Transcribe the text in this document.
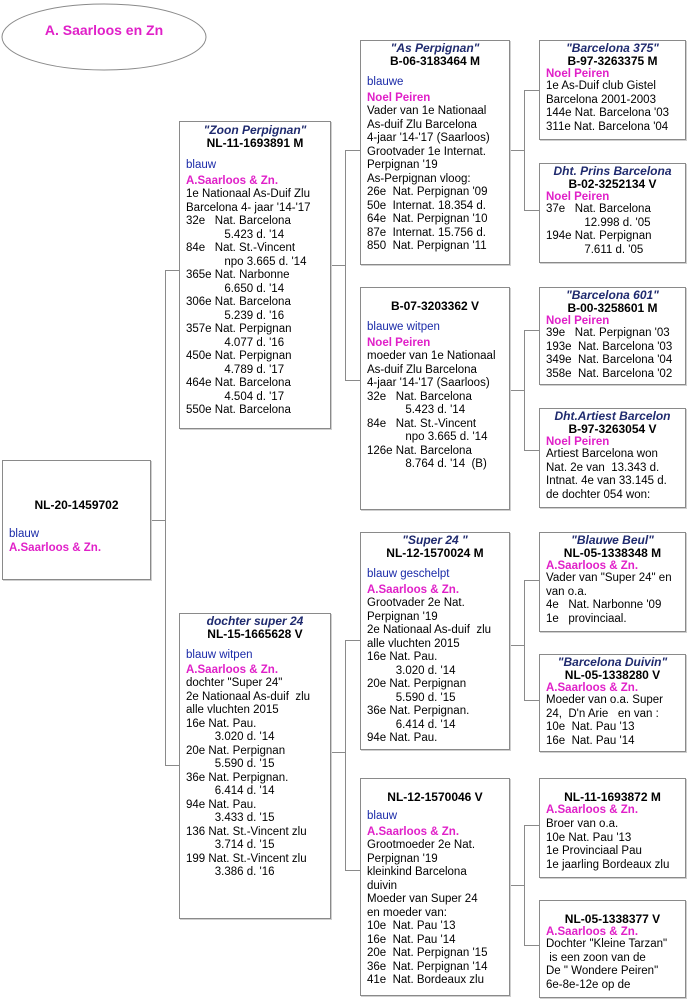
A. Saarloos en Zn
NL-20-1459702
blauw
A.Saarloos & Zn.
"Zoon Perpignan"
NL-11-1693891 M
blauw
A.Saarloos & Zn.
1e Nationaal As-Duif Zlu
Barcelona 4- jaar '14-'17
32e   Nat. Barcelona
5.423 d. '14
84e   Nat. St.-Vincent
npo 3.665 d. '14
365e Nat. Narbonne
6.650 d. '14
306e Nat. Barcelona
5.239 d. '16
357e Nat. Perpignan
4.077 d. '16
450e Nat. Perpignan
4.789 d. '17
464e Nat. Barcelona
4.504 d. '17
550e Nat. Barcelona
dochter super 24
NL-15-1665628 V
blauw witpen
A.Saarloos & Zn.
dochter "Super 24"
2e Nationaal As-duif  zlu
alle vluchten 2015
16e Nat. Pau.
3.020 d. '14
20e Nat. Perpignan
5.590 d. '15
36e Nat. Perpignan.
6.414 d. '14
94e Nat. Pau.
3.433 d. '15
136 Nat. St.-Vincent zlu
3.714 d. '15
199 Nat. St.-Vincent zlu
3.386 d. '16
"As Perpignan"
B-06-3183464 M
blauwe
Noel Peiren
Vader van 1e Nationaal
As-duif Zlu Barcelona
4-jaar '14-'17 (Saarloos)
Grootvader 1e Internat.
Perpignan '19
As-Perpignan vloog:
26e  Nat. Perpignan '09
50e  Internat. 18.354 d.
64e  Nat. Perpignan '10
87e  Internat. 15.756 d.
850  Nat. Perpignan '11
B-07-3203362 V
blauwe witpen
Noel Peiren
moeder van 1e Nationaal
As-duif Zlu Barcelona
4-jaar '14-'17 (Saarloos)
32e   Nat. Barcelona
5.423 d. '14
84e   Nat. St.-Vincent
npo 3.665 d. '14
126e Nat. Barcelona
8.764 d. '14  (B)
"Super 24 "
NL-12-1570024 M
blauw geschelpt
A.Saarloos & Zn.
Grootvader 2e Nat.
Perpignan '19
2e Nationaal As-duif  zlu
alle vluchten 2015
16e Nat. Pau.
3.020 d. '14
20e Nat. Perpignan
5.590 d. '15
36e Nat. Perpignan.
6.414 d. '14
94e Nat. Pau.
NL-12-1570046 V
blauw
A.Saarloos & Zn.
Grootmoeder 2e Nat.
Perpignan '19
kleinkind Barcelona
duivin
Moeder van Super 24
en moeder van:
10e  Nat. Pau '13
16e  Nat. Pau '14
20e  Nat. Perpignan '15
36e  Nat. Perpignan '14
41e  Nat. Bordeaux zlu
"Barcelona 375"
B-97-3263375 M
Noel Peiren
1e As-Duif club Gistel
Barcelona 2001-2003
144e Nat. Barcelona '03
311e Nat. Barcelona '04
Dht. Prins Barcelona
B-02-3252134 V
Noel Peiren
37e   Nat. Barcelona
12.998 d. '05
194e Nat. Perpignan
7.611 d. '05
"Barcelona 601"
B-00-3258601 M
Noel Peiren
39e   Nat. Perpignan '03
193e  Nat. Barcelona '03
349e  Nat. Barcelona '04
358e  Nat. Barcelona '02
Dht.Artiest Barcelon
B-97-3263054 V
Noel Peiren
Artiest Barcelona won
Nat. 2e van  13.343 d.
Intnat. 4e van 33.145 d.
de dochter 054 won:
"Blauwe Beul"
NL-05-1338348 M
A.Saarloos & Zn.
Vader van "Super 24" en
van o.a.
4e   Nat. Narbonne '09
1e   provinciaal.
"Barcelona Duivin"
NL-05-1338280 V
A.Saarloos & Zn.
Moeder van o.a. Super
24,  D'n Arie   en van :
10e  Nat. Pau '13
16e  Nat. Pau '14
NL-11-1693872 M
A.Saarloos & Zn.
Broer van o.a.
10e Nat. Pau '13
1e Provinciaal Pau
1e jaarling Bordeaux zlu
NL-05-1338377 V
A.Saarloos & Zn.
Dochter "Kleine Tarzan"
is een zoon van de
De " Wondere Peiren"
6e-8e-12e op de
